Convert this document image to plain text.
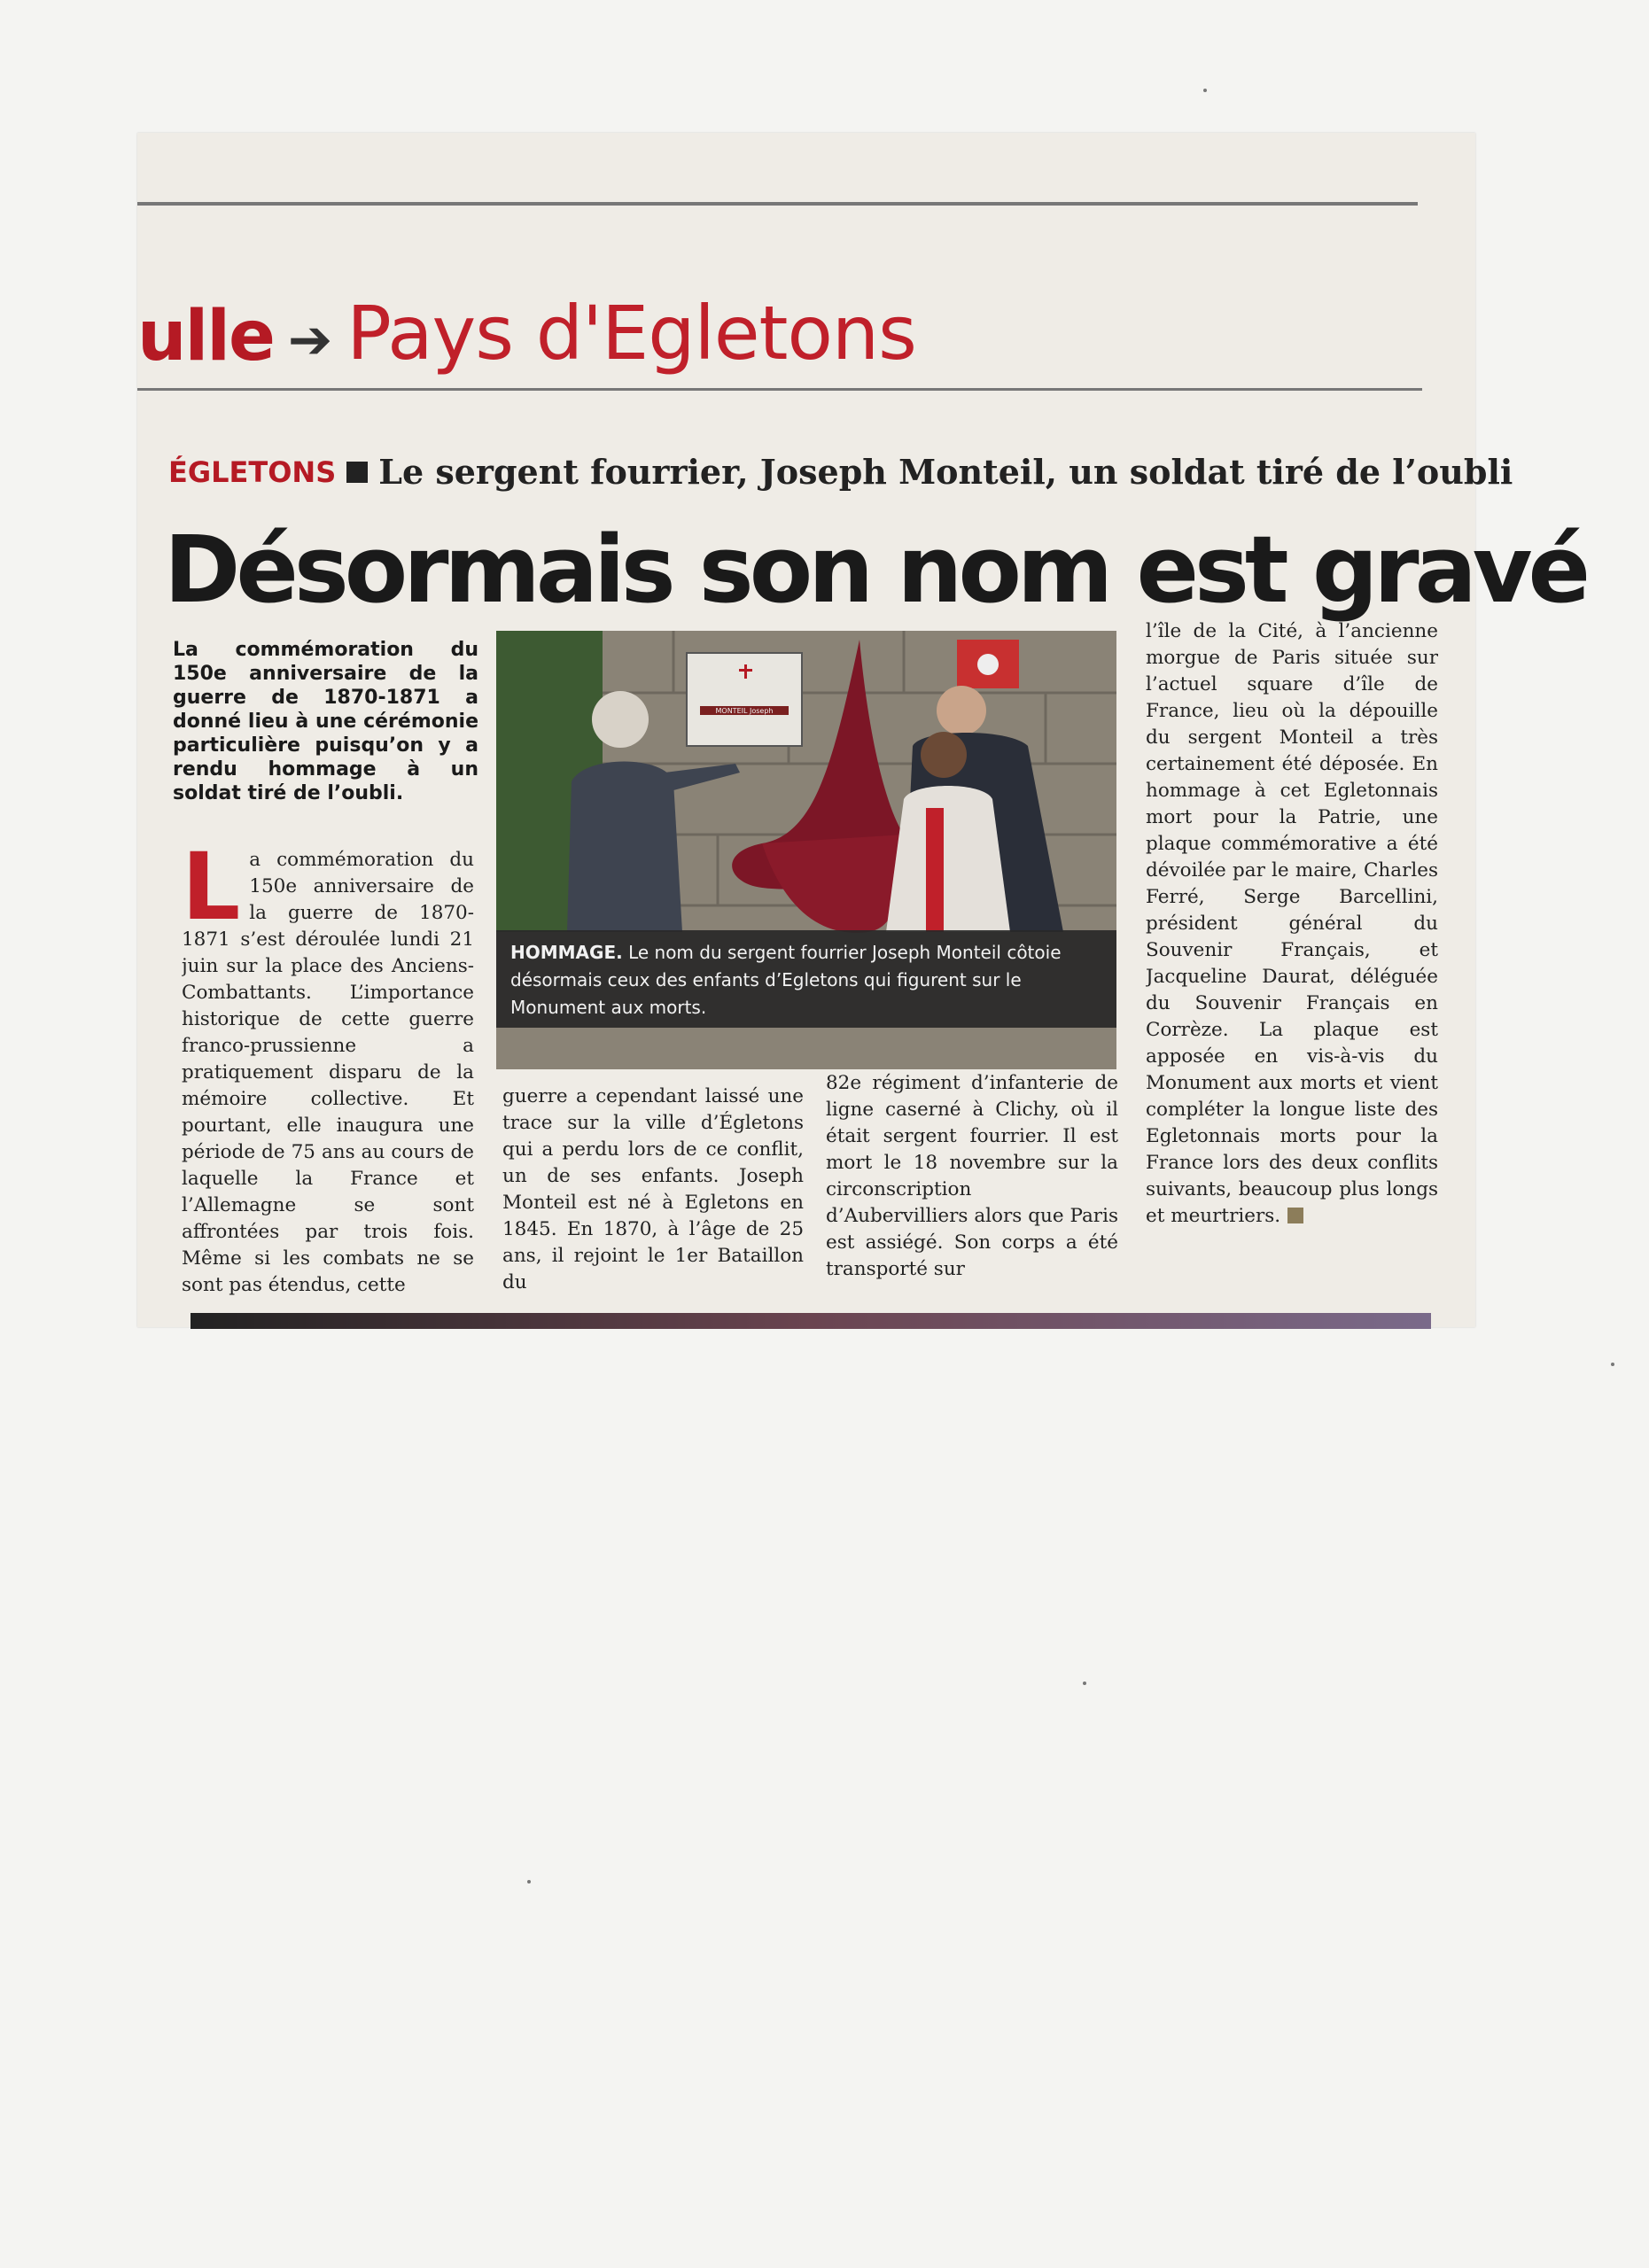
ulle ➔ Pays d'Egletons
ÉGLETONS Le sergent fourrier, Joseph Monteil, un soldat tiré de l’oubli
Désormais son nom est gravé
La commémoration du 150e anniversaire de la guerre de 1870-1871 a donné lieu à une cérémonie particulière puisqu’on y a rendu hommage à un soldat tiré de l’oubli.
La commémoration du 150e anniversaire de la guerre de 1870-1871 s’est déroulée lundi 21 juin sur la place des Anciens-Combattants. L’importance historique de cette guerre franco-prussienne a pratiquement disparu de la mémoire collective. Et pourtant, elle inaugura une période de 75 ans au cours de laquelle la France et l’Allemagne se sont affrontées par trois fois. Même si les combats ne se sont pas étendus, cette
MONTEIL Joseph
HOMMAGE. Le nom du sergent fourrier Joseph Monteil côtoie désormais ceux des enfants d’Egletons qui figurent sur le Monument aux morts.
guerre a cependant laissé une trace sur la ville d’Égletons qui a perdu lors de ce conflit, un de ses enfants. Joseph Monteil est né à Egletons en 1845. En 1870, à l’âge de 25 ans, il rejoint le 1er Bataillon du
82e régiment d’infanterie de ligne caserné à Clichy, où il était sergent fourrier. Il est mort le 18 novembre sur la circonscription d’Aubervilliers alors que Paris est assiégé. Son corps a été transporté sur
l’île de la Cité, à l’ancienne morgue de Paris située sur l’actuel square d’île de France, lieu où la dépouille du sergent Monteil a très certainement été déposée. En hommage à cet Egletonnais mort pour la Patrie, une plaque commémorative a été dévoilée par le maire, Charles Ferré, Serge Barcellini, président général du Souvenir Français, et Jacqueline Daurat, déléguée du Souvenir Français en Corrèze. La plaque est apposée en vis-à-vis du Monument aux morts et vient compléter la longue liste des Egletonnais morts pour la France lors des deux conflits suivants, beaucoup plus longs et meurtriers.
